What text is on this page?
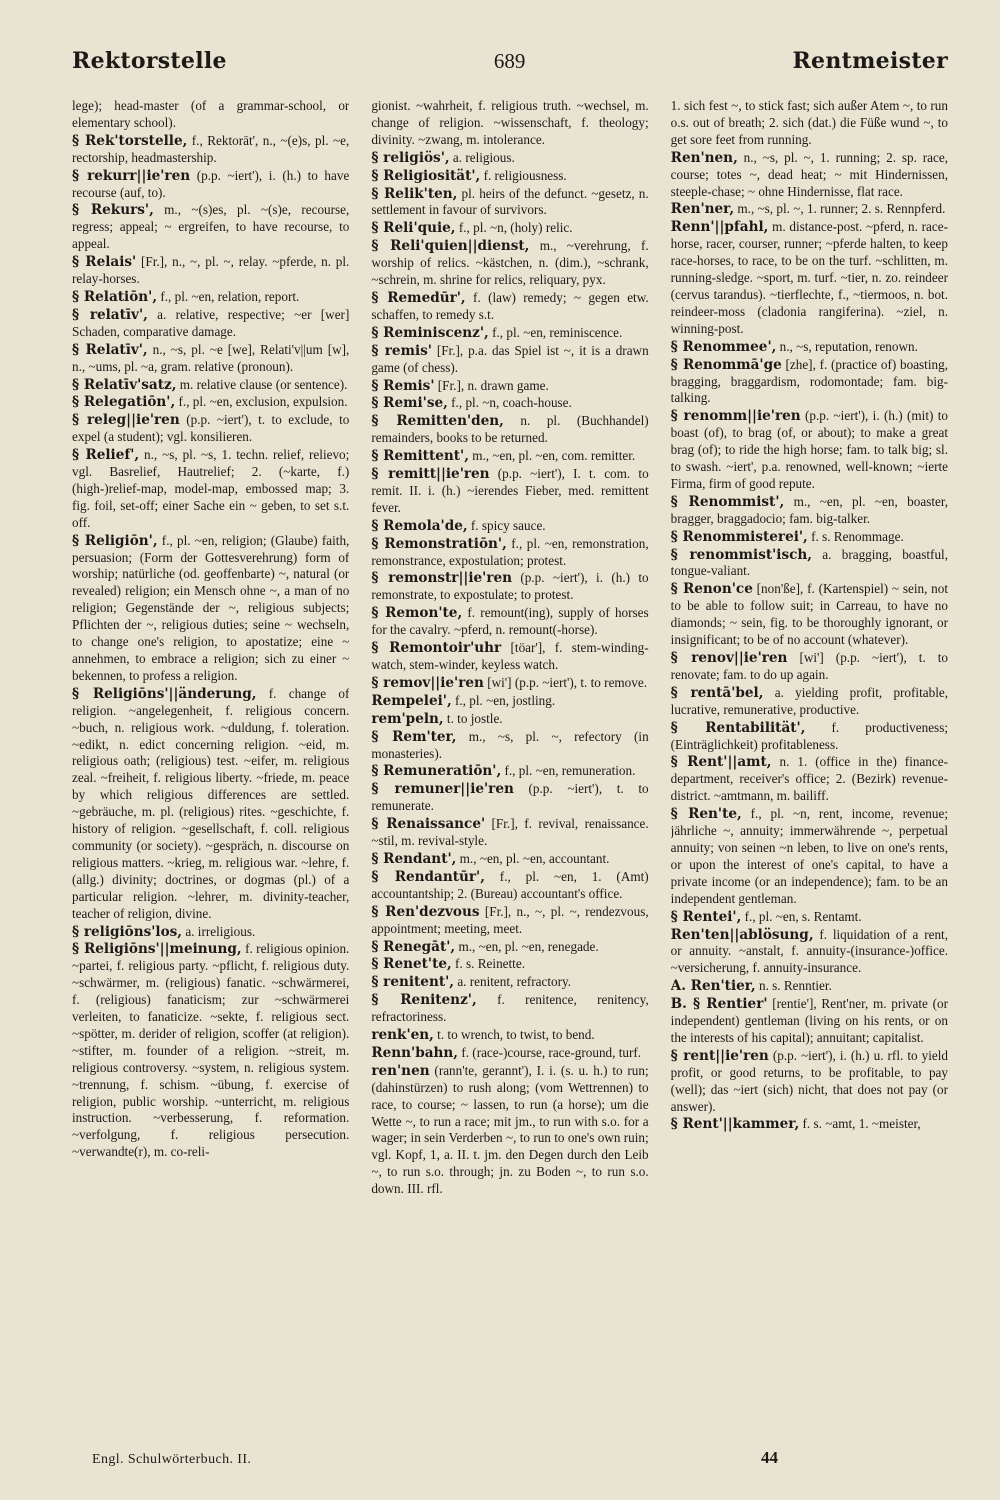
Rektorstelle	689	Rentmeister

lege); head-master (of a grammar-school, or elementary school).

§ Rek'torstelle, f., Rektorāt', n., ~(e)s, pl. ~e, rectorship, headmastership.

§ rekurr||ie'ren (p.p. ~iert'), i. (h.) to have recourse (auf, to).

§ Rekurs', m., ~(s)es, pl. ~(s)e, recourse, regress; appeal; ~ ergreifen, to have recourse, to appeal.

§ Relais' [Fr.], n., ~, pl. ~, relay. ~pferde, n. pl. relay-horses.

§ Relatiōn', f., pl. ~en, relation, report.

§ relatīv', a. relative, respective; ~er [wer] Schaden, comparative damage.

§ Relatīv', n., ~s, pl. ~e [we], Relati'v||um [w], n., ~ums, pl. ~a, gram. relative (pronoun).

§ Relatīv'satz, m. relative clause (or sentence).

§ Relegatiōn', f., pl. ~en, exclusion, expulsion.

§ releg||ie'ren (p.p. ~iert'), t. to exclude, to expel (a student); vgl. konsilieren.

§ Relief', n., ~s, pl. ~s, 1. techn. relief, relievo; vgl. Basrelief, Hautrelief; 2. (~karte, f.) (high-)relief-map, model-map, embossed map; 3. fig. foil, set-off; einer Sache ein ~ geben, to set s.t. off.

§ Religiōn', f., pl. ~en, religion; (Glaube) faith, persuasion; (Form der Gottesverehrung) form of worship; natürliche (od. geoffenbarte) ~, natural (or revealed) religion; ein Mensch ohne ~, a man of no religion; Gegenstände der ~, religious subjects; Pflichten der ~, religious duties; seine ~ wechseln, to change one's religion, to apostatize; eine ~ annehmen, to embrace a religion; sich zu einer ~ bekennen, to profess a religion.

§ Religiōns'||änderung, f. change of religion. ~angelegenheit, f. religious concern. ~buch, n. religious work. ~duldung, f. toleration. ~edikt, n. edict concerning religion. ~eid, m. religious oath; (religious) test. ~eifer, m. religious zeal. ~freiheit, f. religious liberty. ~friede, m. peace by which religious differences are settled. ~gebräuche, m. pl. (religious) rites. ~geschichte, f. history of religion. ~gesellschaft, f. coll. religious community (or society). ~gespräch, n. discourse on religious matters. ~krieg, m. religious war. ~lehre, f. (allg.) divinity; doctrines, or dogmas (pl.) of a particular religion. ~lehrer, m. divinity-teacher, teacher of religion, divine.

§ religiōns'los, a. irreligious.

§ Religiōns'||meinung, f. religious opinion. ~partei, f. religious party. ~pflicht, f. religious duty. ~schwärmer, m. (religious) fanatic. ~schwärmerei, f. (religious) fanaticism; zur ~schwärmerei verleiten, to fanaticize. ~sekte, f. religious sect. ~spötter, m. derider of religion, scoffer (at religion). ~stifter, m. founder of a religion. ~streit, m. religious controversy. ~system, n. religious system. ~trennung, f. schism. ~übung, f. exercise of religion, public worship. ~unterricht, m. religious instruction. ~verbesserung, f. reformation. ~verfolgung, f. religious persecution. ~verwandte(r), m. co-reli-

gionist. ~wahrheit, f. religious truth. ~wechsel, m. change of religion. ~wissenschaft, f. theology; divinity. ~zwang, m. intolerance.

§ religiös', a. religious.

§ Religiosität', f. religiousness.

§ Relik'ten, pl. heirs of the defunct. ~gesetz, n. settlement in favour of survivors.

§ Reli'quie, f., pl. ~n, (holy) relic.

§ Reli'quien||dienst, m., ~verehrung, f. worship of relics. ~kästchen, n. (dim.), ~schrank, ~schrein, m. shrine for relics, reliquary, pyx.

§ Remedūr', f. (law) remedy; ~ gegen etw. schaffen, to remedy s.t.

§ Reminiscenz', f., pl. ~en, reminiscence.

§ remis' [Fr.], p.a. das Spiel ist ~, it is a drawn game (of chess).

§ Remis' [Fr.], n. drawn game.

§ Remi'se, f., pl. ~n, coach-house.

§ Remitten'den, n. pl. (Buchhandel) remainders, books to be returned.

§ Remittent', m., ~en, pl. ~en, com. remitter.

§ remitt||ie'ren (p.p. ~iert'), I. t. com. to remit. II. i. (h.) ~ierendes Fieber, med. remittent fever.

§ Remola'de, f. spicy sauce.

§ Remonstratiōn', f., pl. ~en, remonstration, remonstrance, expostulation; protest.

§ remonstr||ie'ren (p.p. ~iert'), i. (h.) to remonstrate, to expostulate; to protest.

§ Remon'te, f. remount(ing), supply of horses for the cavalry. ~pferd, n. remount(-horse).

§ Remontoir'uhr [töar'], f. stem-winding-watch, stem-winder, keyless watch.

§ remov||ie'ren [wi'] (p.p. ~iert'), t. to remove.

Rempelei', f., pl. ~en, jostling.

rem'peln, t. to jostle.

§ Rem'ter, m., ~s, pl. ~, refectory (in monasteries).

§ Remuneratiōn', f., pl. ~en, remuneration.

§ remuner||ie'ren (p.p. ~iert'), t. to remunerate.

§ Renaissance' [Fr.], f. revival, renaissance. ~stil, m. revival-style.

§ Rendant', m., ~en, pl. ~en, accountant.

§ Rendantūr', f., pl. ~en, 1. (Amt) accountantship; 2. (Bureau) accountant's office.

§ Ren'dezvous [Fr.], n., ~, pl. ~, rendezvous, appointment; meeting, meet.

§ Renegāt', m., ~en, pl. ~en, renegade.

§ Renet'te, f. s. Reinette.

§ renitent', a. renitent, refractory.

§ Renitenz', f. renitence, renitency, refractoriness.

renk'en, t. to wrench, to twist, to bend.

Renn'bahn, f. (race-)course, race-ground, turf.

ren'nen (rann'te, gerannt'), I. i. (s. u. h.) to run; (dahinstürzen) to rush along; (vom Wettrennen) to race, to course; ~ lassen, to run (a horse); um die Wette ~, to run a race; mit jm., to run with s.o. for a wager; in sein Verderben ~, to run to one's own ruin; vgl. Kopf, 1, a. II. t. jm. den Degen durch den Leib ~, to run s.o. through; jn. zu Boden ~, to run s.o. down. III. rfl.

1. sich fest ~, to stick fast; sich außer Atem ~, to run o.s. out of breath; 2. sich (dat.) die Füße wund ~, to get sore feet from running.

Ren'nen, n., ~s, pl. ~, 1. running; 2. sp. race, course; totes ~, dead heat; ~ mit Hindernissen, steeple-chase; ~ ohne Hindernisse, flat race.

Ren'ner, m., ~s, pl. ~, 1. runner; 2. s. Rennpferd.

Renn'||pfahl, m. distance-post. ~pferd, n. race-horse, racer, courser, runner; ~pferde halten, to keep race-horses, to race, to be on the turf. ~schlitten, m. running-sledge. ~sport, m. turf. ~tier, n. zo. reindeer (cervus tarandus). ~tierflechte, f., ~tiermoos, n. bot. reindeer-moss (cladonia rangiferina). ~ziel, n. winning-post.

§ Renommee', n., ~s, reputation, renown.

§ Renommā'ge [zhe], f. (practice of) boasting, bragging, braggardism, rodomontade; fam. big-talking.

§ renomm||ie'ren (p.p. ~iert'), i. (h.) (mit) to boast (of), to brag (of, or about); to make a great brag (of); to ride the high horse; fam. to talk big; sl. to swash. ~iert', p.a. renowned, well-known; ~ierte Firma, firm of good repute.

§ Renommist', m., ~en, pl. ~en, boaster, bragger, braggadocio; fam. big-talker.

§ Renommisterei', f. s. Renommage.

§ renommist'isch, a. bragging, boastful, tongue-valiant.

§ Renon'ce [non'ße], f. (Kartenspiel) ~ sein, not to be able to follow suit; in Carreau, to have no diamonds; ~ sein, fig. to be thoroughly ignorant, or insignificant; to be of no account (whatever).

§ renov||ie'ren [wi'] (p.p. ~iert'), t. to renovate; fam. to do up again.

§ rentā'bel, a. yielding profit, profitable, lucrative, remunerative, productive.

§ Rentabilität', f. productiveness; (Einträglichkeit) profitableness.

§ Rent'||amt, n. 1. (office in the) finance-department, receiver's office; 2. (Bezirk) revenue-district. ~amtmann, m. bailiff.

§ Ren'te, f., pl. ~n, rent, income, revenue; jährliche ~, annuity; immerwährende ~, perpetual annuity; von seinen ~n leben, to live on one's rents, or upon the interest of one's capital, to have a private income (or an independence); fam. to be an independent gentleman.

§ Rentei', f., pl. ~en, s. Rentamt.

Ren'ten||ablösung, f. liquidation of a rent, or annuity. ~anstalt, f. annuity-(insurance-)office. ~versicherung, f. annuity-insurance.

A. Ren'tier, n. s. Renntier.

B. § Rentier' [rentie'], Rent'ner, m. private (or independent) gentleman (living on his rents, or on the interests of his capital); annuitant; capitalist.

§ rent||ie'ren (p.p. ~iert'), i. (h.) u. rfl. to yield profit, or good returns, to be profitable, to pay (well); das ~iert (sich) nicht, that does not pay (or answer).

§ Rent'||kammer, f. s. ~amt, 1. ~meister,

Engl. Schulwörterbuch. II.	44
